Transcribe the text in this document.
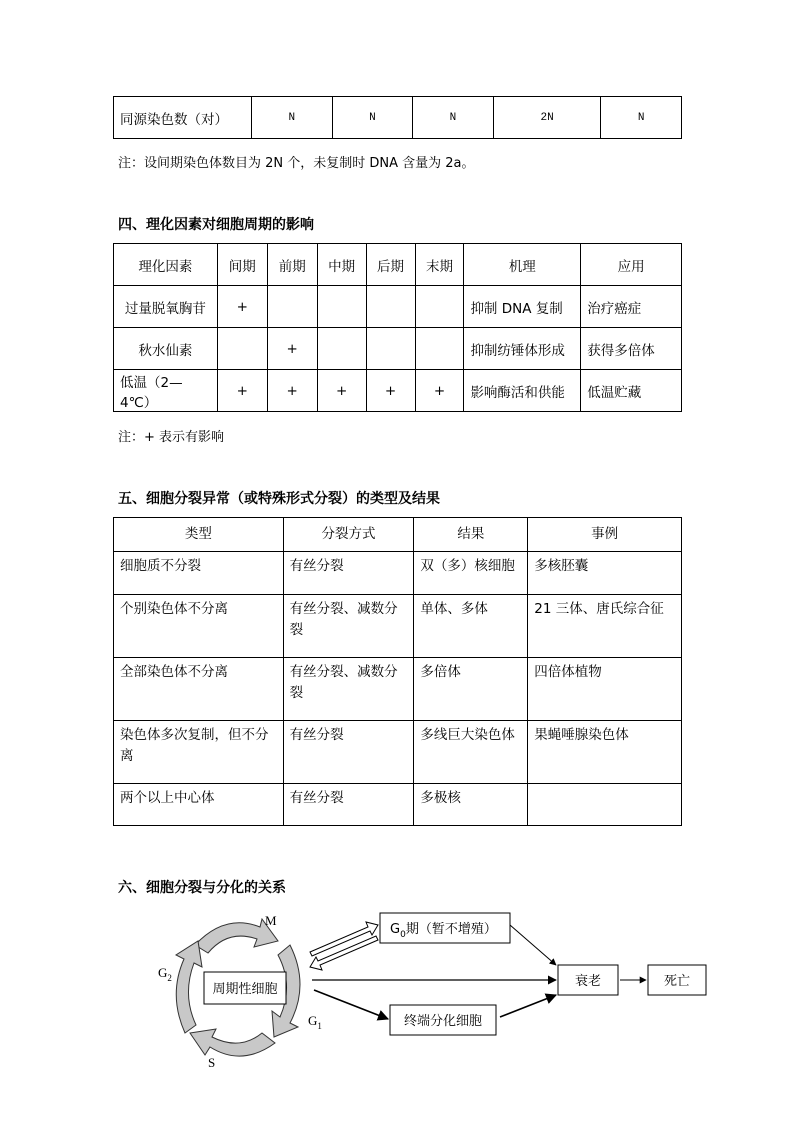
同源染色数（对）	N	N	N	2N	N
注：设间期染色体数目为 2N 个，未复制时 DNA 含量为 2a。
四、理化因素对细胞周期的影响
理化因素	间期	前期	中期	后期	末期	机理	应用
过量脱氧胸苷	+					抑制 DNA 复制	治疗癌症
秋水仙素		+				抑制纺锤体形成	获得多倍体
低温（2—4℃）	+	+	+	+	+	影响酶活和供能	低温贮藏
注：+ 表示有影响
五、细胞分裂异常（或特殊形式分裂）的类型及结果
类型	分裂方式	结果	事例
细胞质不分裂	有丝分裂	双（多）核细胞	多核胚囊
个别染色体不分离	有丝分裂、减数分裂	单体、多体	21 三体、唐氏综合征
全部染色体不分离	有丝分裂、减数分裂	多倍体	四倍体植物
染色体多次复制，但不分离	有丝分裂	多线巨大染色体	果蝇唾腺染色体
两个以上中心体	有丝分裂	多极核	
六、细胞分裂与分化的关系
周期性细胞
M
$G_2$
$G_1$
S
$G_0$期（暂不增殖）
衰老	死亡
终端分化细胞
